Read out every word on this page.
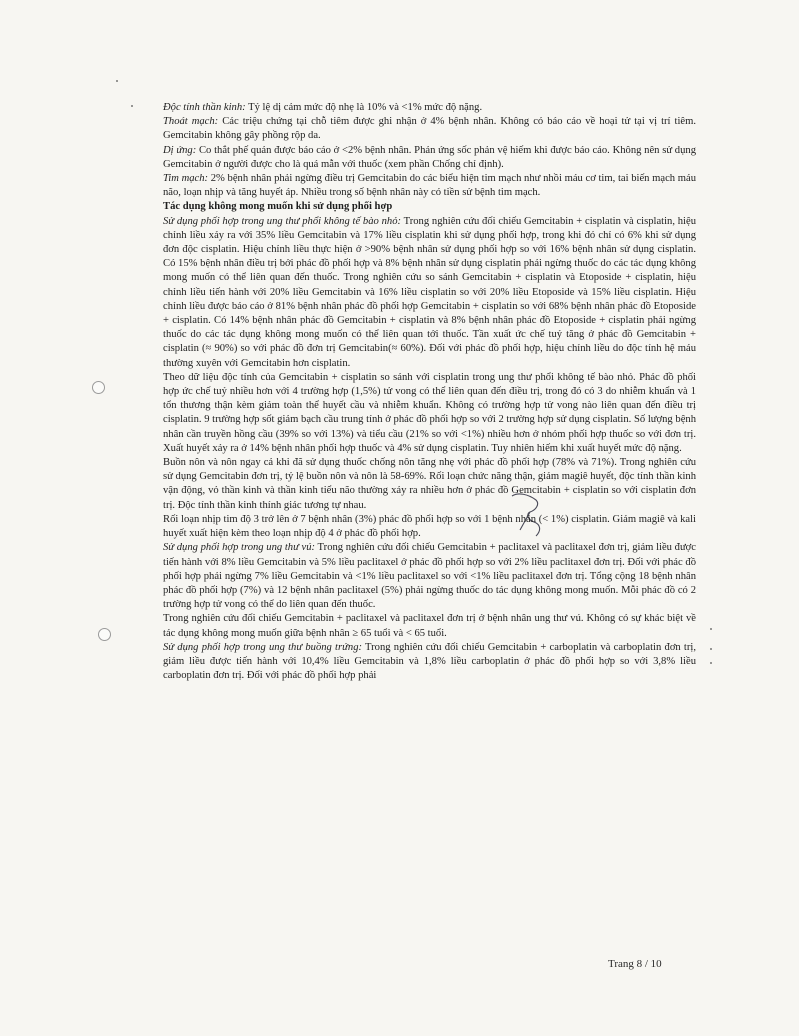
Độc tính thần kinh: Tỷ lệ dị cảm mức độ nhẹ là 10% và <1% mức độ nặng.

Thoát mạch: Các triệu chứng tại chỗ tiêm được ghi nhận ở 4% bệnh nhân. Không có báo cáo về hoại tử tại vị trí tiêm. Gemcitabin không gây phồng rộp da.

Dị ứng: Co thắt phế quản được báo cáo ở <2% bệnh nhân. Phản ứng sốc phản vệ hiếm khi được báo cáo. Không nên sử dụng Gemcitabin ở người được cho là quá mẫn với thuốc (xem phần Chống chỉ định).

Tim mạch: 2% bệnh nhân phải ngừng điều trị Gemcitabin do các biểu hiện tim mạch như nhồi máu cơ tim, tai biến mạch máu não, loạn nhịp và tăng huyết áp. Nhiều trong số bệnh nhân này có tiền sử bệnh tim mạch.

Tác dụng không mong muốn khi sử dụng phối hợp

Sử dụng phối hợp trong ung thư phổi không tế bào nhỏ: Trong nghiên cứu đối chiếu Gemcitabin + cisplatin và cisplatin, hiệu chỉnh liều xảy ra với 35% liều Gemcitabin và 17% liều cisplatin khi sử dụng phối hợp, trong khi đó chỉ có 6% khi sử dụng đơn độc cisplatin. Hiệu chỉnh liều thực hiện ở >90% bệnh nhân sử dụng phối hợp so với 16% bệnh nhân sử dụng cisplatin. Có 15% bệnh nhân điều trị bởi phác đồ phối hợp và 8% bệnh nhân sử dụng cisplatin phải ngừng thuốc do các tác dụng không mong muốn có thể liên quan đến thuốc. Trong nghiên cứu so sánh Gemcitabin + cisplatin và Etoposide + cisplatin, hiệu chỉnh liều tiến hành với 20% liều Gemcitabin và 16% liều cisplatin so với 20% liều Etoposide và 15% liều cisplatin. Hiệu chỉnh liều được báo cáo ở 81% bệnh nhân phác đồ phối hợp Gemcitabin + cisplatin so với 68% bệnh nhân phác đồ Etoposide + cisplatin. Có 14% bệnh nhân phác đồ Gemcitabin + cisplatin và 8% bệnh nhân phác đồ Etoposide + cisplatin phải ngừng thuốc do các tác dụng không mong muốn có thể liên quan tới thuốc. Tần xuất ức chế tuỷ tăng ở phác đồ Gemcitabin + cisplatin (≈ 90%) so với phác đồ đơn trị Gemcitabin(≈ 60%). Đối với phác đồ phối hợp, hiệu chỉnh liều do độc tính hệ máu thường xuyên với Gemcitabin hơn cisplatin.

Theo dữ liệu độc tính của Gemcitabin + cisplatin so sánh với cisplatin trong ung thư phổi không tế bào nhỏ. Phác đồ phối hợp ức chế tuỷ nhiều hơn với 4 trường hợp (1,5%) tử vong có thể liên quan đến điều trị, trong đó có 3 do nhiễm khuẩn và 1 tổn thương thận kèm giảm toàn thể huyết cầu và nhiễm khuẩn. Không có trường hợp tử vong nào liên quan đến điều trị cisplatin. 9 trường hợp sốt giảm bạch cầu trung tính ở phác đồ phối hợp so với 2 trường hợp sử dụng cisplatin. Số lượng bệnh nhân cần truyền hồng cầu (39% so với 13%) và tiểu cầu (21% so với <1%) nhiều hơn ở nhóm phối hợp thuốc so với đơn trị. Xuất huyết xảy ra ở 14% bệnh nhân phối hợp thuốc và 4% sử dụng cisplatin. Tuy nhiên hiếm khi xuất huyết mức độ nặng.

Buồn nôn và nôn ngay cả khi đã sử dụng thuốc chống nôn tăng nhẹ với phác đồ phối hợp (78% và 71%). Trong nghiên cứu sử dụng Gemcitabin đơn trị, tỷ lệ buồn nôn và nôn là 58-69%. Rối loạn chức năng thận, giảm magiê huyết, độc tính thần kinh vận động, vỏ thần kinh và thần kinh tiểu não thường xảy ra nhiều hơn ở phác đồ Gemcitabin + cisplatin so với cisplatin đơn trị. Độc tính thần kinh thính giác tương tự nhau.

Rối loạn nhịp tim độ 3 trở lên ở 7 bệnh nhân (3%) phác đồ phối hợp so với 1 bệnh nhân (< 1%) cisplatin. Giảm magiê và kali huyết xuất hiện kèm theo loạn nhịp độ 4 ở phác đồ phối hợp.

Sử dụng phối hợp trong ung thư vú: Trong nghiên cứu đối chiếu Gemcitabin + paclitaxel và paclitaxel đơn trị, giảm liều được tiến hành với 8% liều Gemcitabin và 5% liều paclitaxel ở phác đồ phối hợp so với 2% liều paclitaxel đơn trị. Đối với phác đồ phối hợp phải ngừng 7% liều Gemcitabin và <1% liều paclitaxel so với <1% liều paclitaxel đơn trị. Tổng cộng 18 bệnh nhân phác đồ phối hợp (7%) và 12 bệnh nhân paclitaxel (5%) phải ngừng thuốc do tác dụng không mong muốn. Mỗi phác đồ có 2 trường hợp tử vong có thể do liên quan đến thuốc.

Trong nghiên cứu đối chiếu Gemcitabin + paclitaxel và paclitaxel đơn trị ở bệnh nhân ung thư vú. Không có sự khác biệt về tác dụng không mong muốn giữa bệnh nhân ≥ 65 tuổi và < 65 tuổi.

Sử dụng phối hợp trong ung thư buồng trứng: Trong nghiên cứu đối chiếu Gemcitabin + carboplatin và carboplatin đơn trị, giảm liều được tiến hành với 10,4% liều Gemcitabin và 1,8% liều carboplatin ở phác đồ phối hợp so với 3,8% liều carboplatin đơn trị. Đối với phác đồ phối hợp phải

Trang 8 / 10
